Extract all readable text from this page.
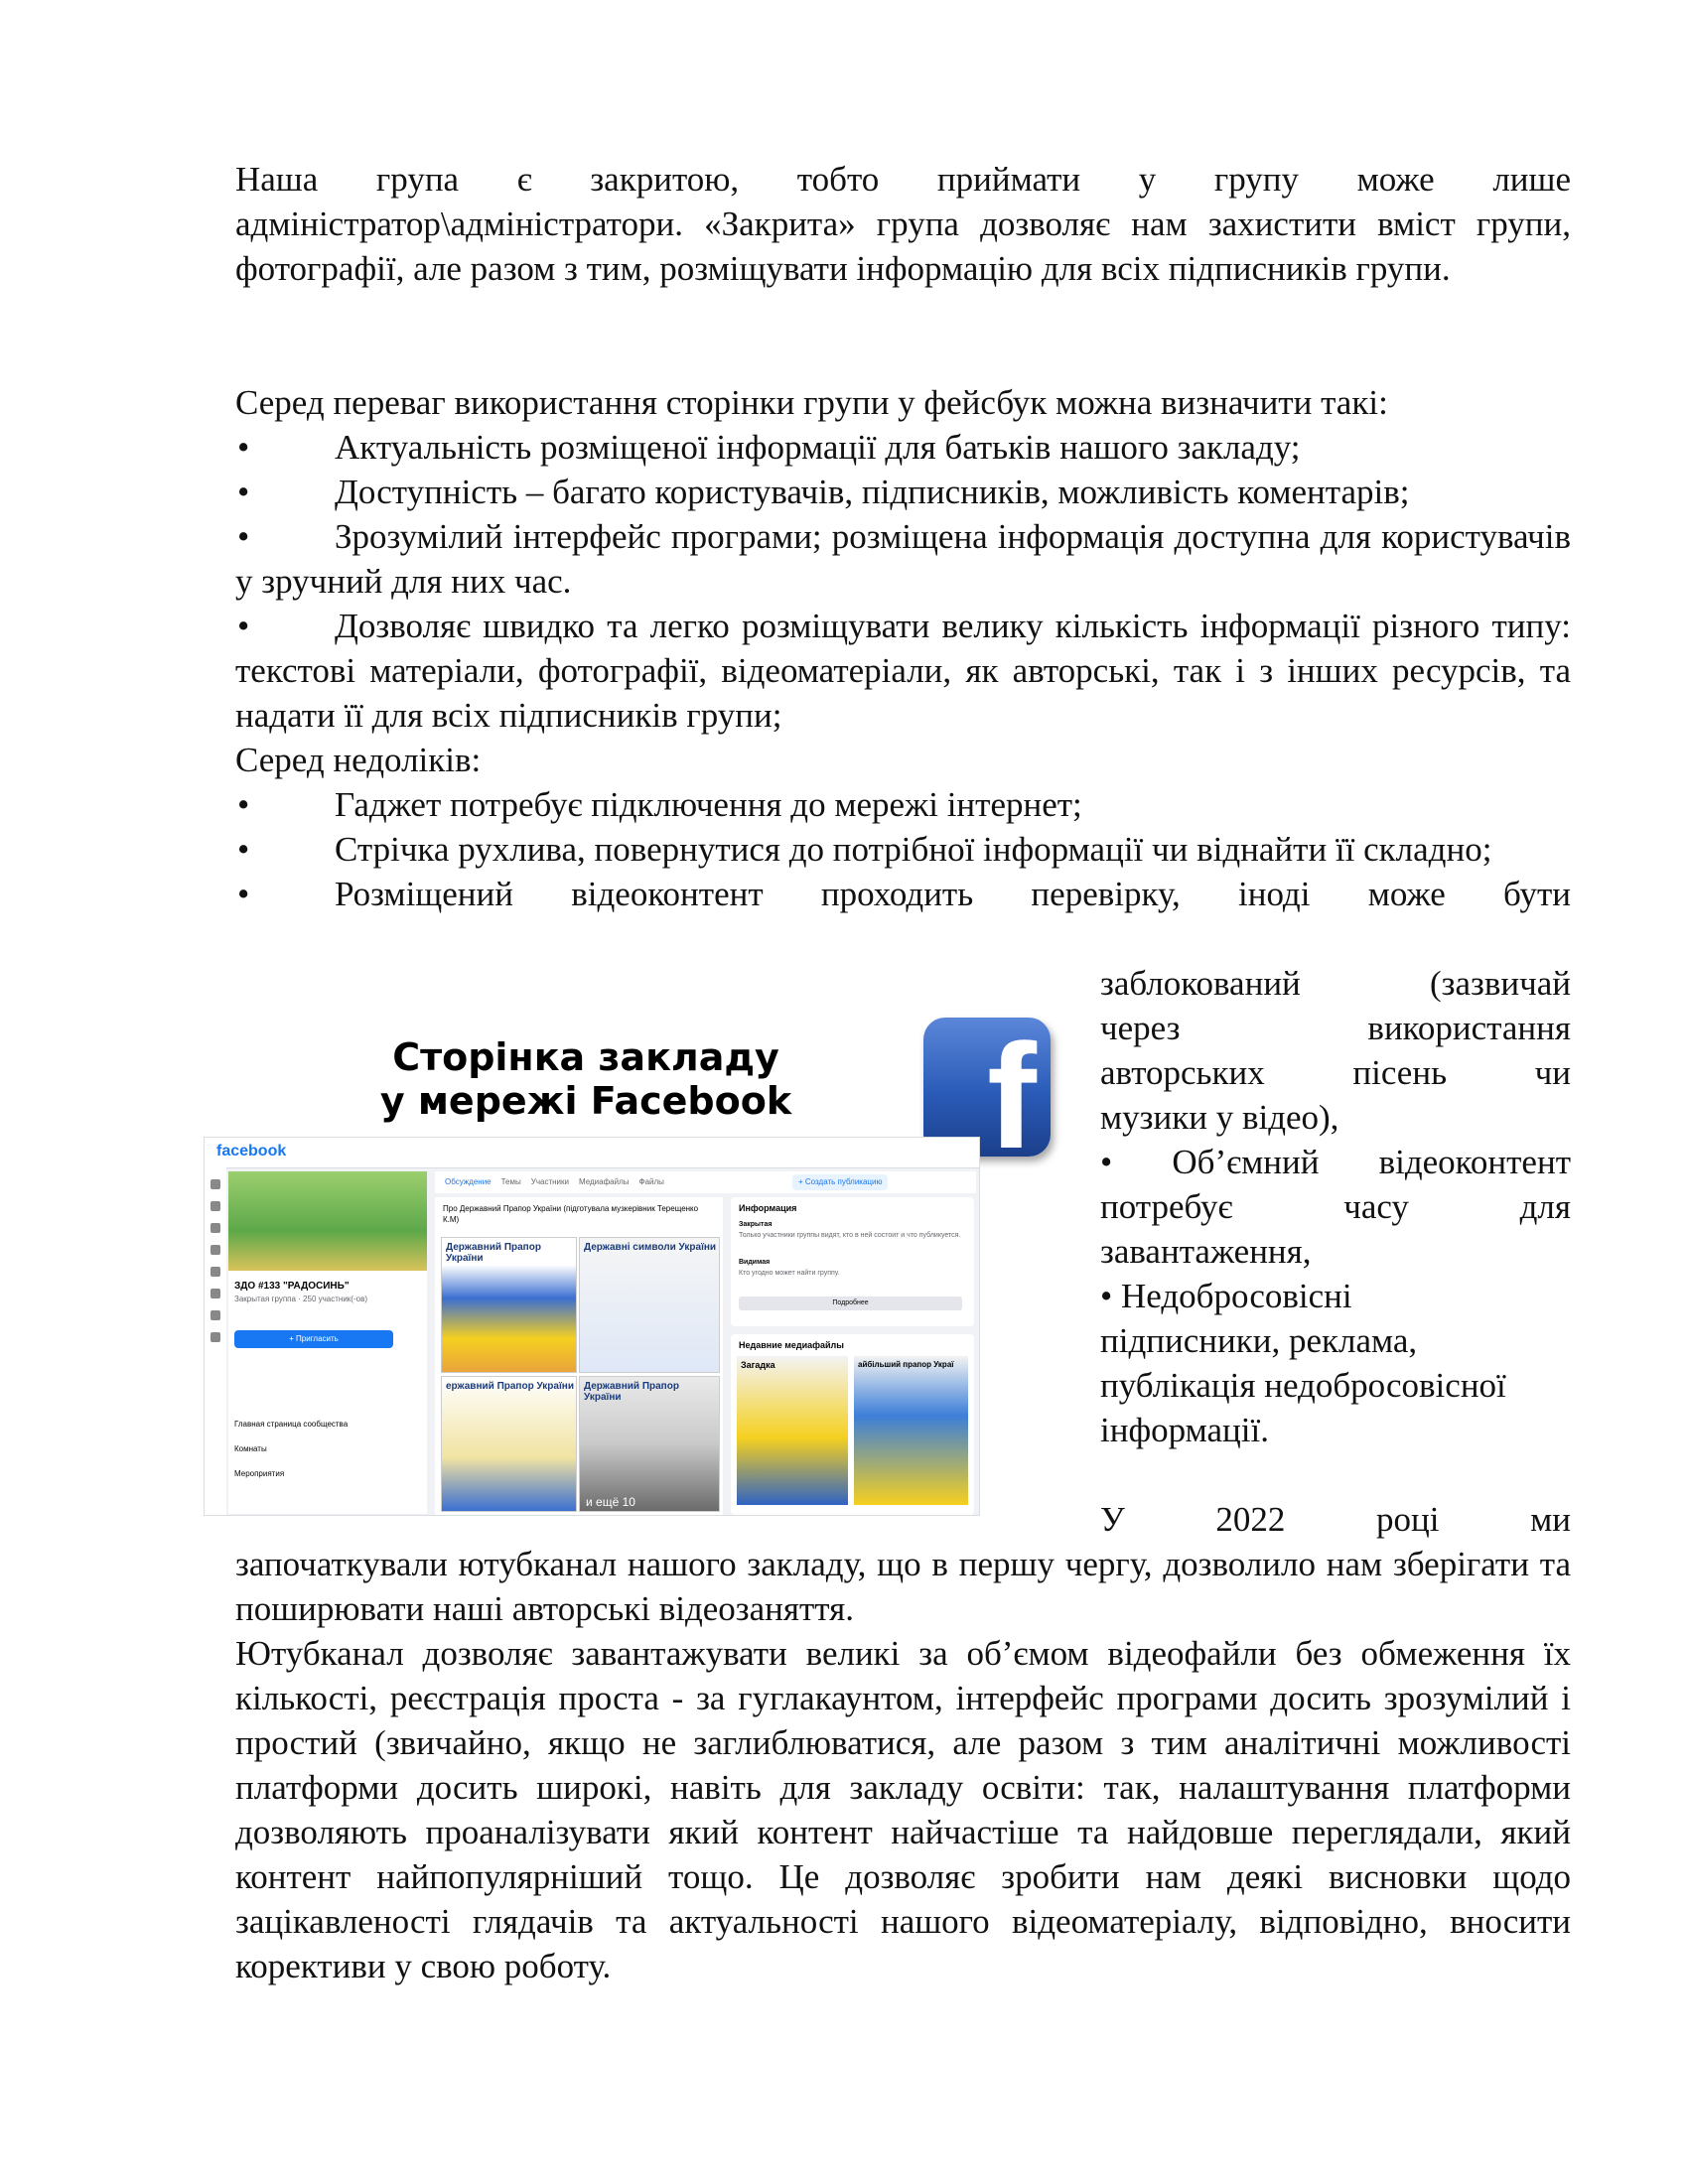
Наша група є закритою, тобто приймати у групу може лише адміністратор\адміністратори. «Закрита» група дозволяє нам захистити вміст групи, фотографії, але разом з тим, розміщувати інформацію для всіх підписників групи.

Серед переваг використання сторінки групи у фейсбук можна визначити такі:

• Актуальність розміщеної інформації для батьків нашого закладу;
• Доступність – багато користувачів, підписників, можливість коментарів;
• Зрозумілий інтерфейс програми; розміщена інформація доступна для користувачів у зручний для них час.
• Дозволяє швидко та легко розміщувати велику кількість інформації різного типу: текстові матеріали, фотографії, відеоматеріали, як авторські, так і з інших ресурсів, та надати її для всіх підписників групи;

Серед недоліків:

• Гаджет потребує підключення до мережі інтернет;
• Стрічка рухлива, повернутися до потрібної інформації чи віднайти її складно;
• Розміщений відеоконтент проходить перевірку, іноді може бути
заблокований (зазвичай
через використання
авторських пісень чи
музики у відео),
• Об’ємний відеоконтент
потребує часу для
завантаження,
• Недобросовісні
підписники, реклама,
публікація недобросовісної
інформації.
У 2022 році ми

започаткували ютубканал нашого закладу, що в першу чергу, дозволило нам зберігати та поширювати наші авторські відеозаняття.

Ютубканал дозволяє завантажувати великі за об’ємом відеофайли без обмеження їх кількості, реєстрація проста - за гуглакаунтом, інтерфейс програми досить зрозумілий і простий (звичайно, якщо не заглиблюватися, але разом з тим аналітичні можливості платформи досить широкі, навіть для закладу освіти: так, налаштування платформи дозволяють проаналізувати який контент найчастіше та найдовше переглядали, який контент найпопулярніший тощо. Це дозволяє зробити нам деякі висновки щодо зацікавленості глядачів та актуальності нашого відеоматеріалу, відповідно, вносити корективи у свою роботу.

Сторінка закладу
у мережі Facebook	f
facebook
ЗДО #133 "РАДОСИНЬ"
Закрытая группа · 250 участник(-ов)
+ Пригласить
Главная страница сообщества
Комнаты
Мероприятия
Обсуждение Темы Участники Медиафайлы Файлы	+ Создать публикацию
Про Державний Прапор України (підготувала музкерівник Терещенко К.М)
Державний Прапор України
Державні символи України
ержавний Прапор України Державний Прапор України
и ещё 10
Информация
Закрытая
Только участники группы видят, кто в ней состоит и что публикуется.
Видимая
Кто угодно может найти группу.
Подробнее
Недавние медиафайлы
Загадка	айбільший прапор Украї
